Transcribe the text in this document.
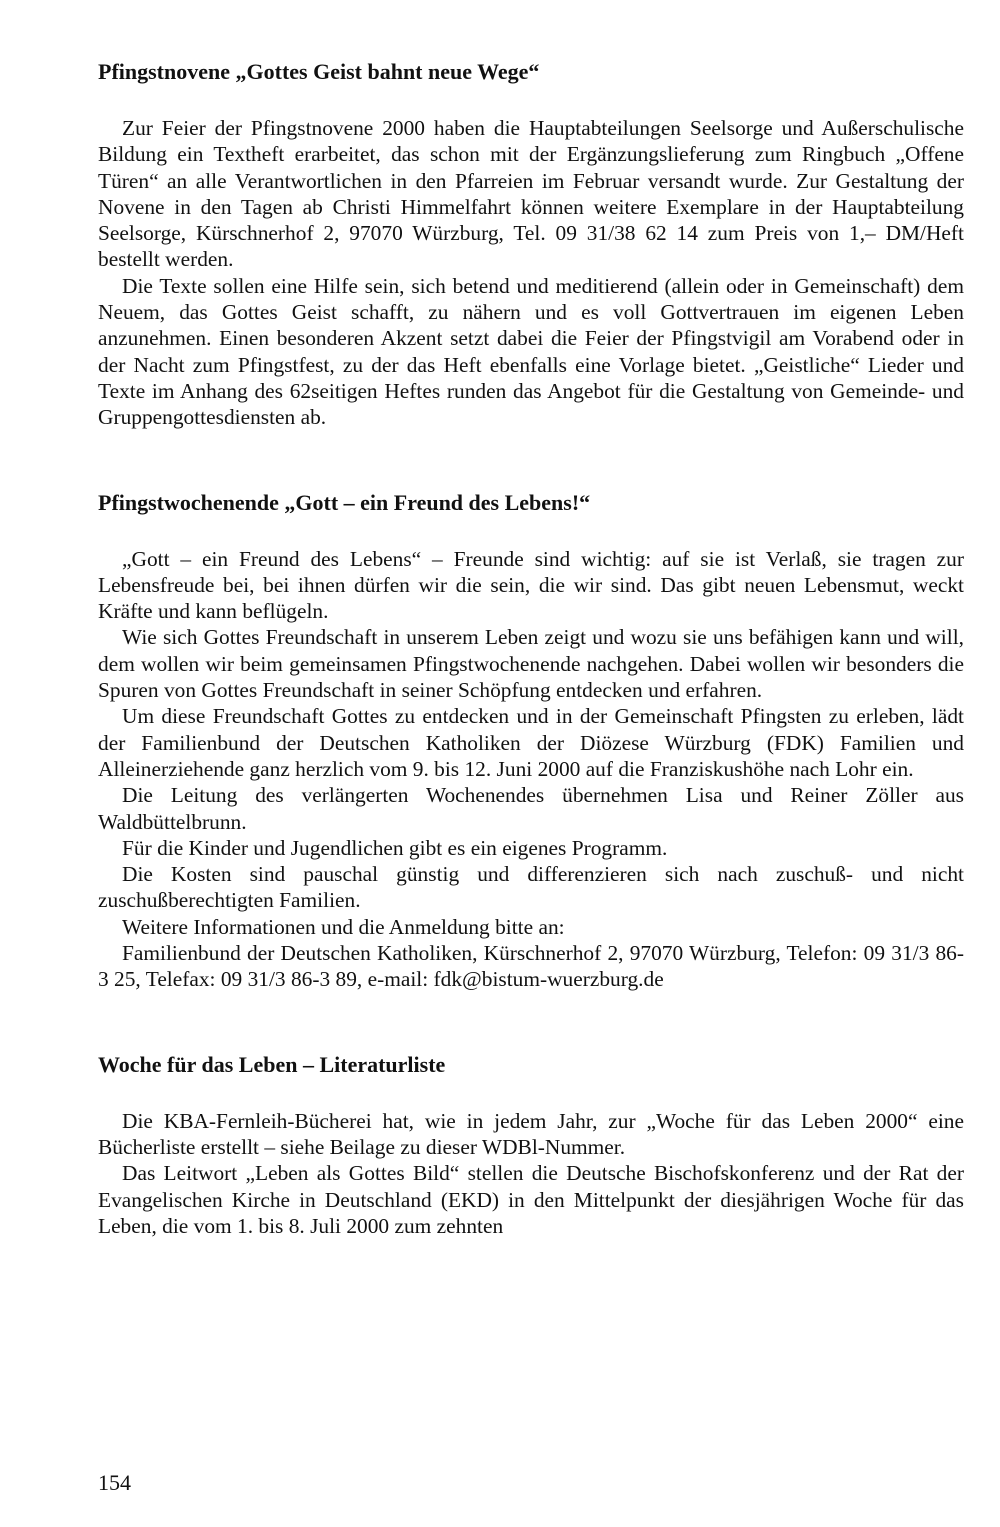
Pfingstnovene „Gottes Geist bahnt neue Wege“

Zur Feier der Pfingstnovene 2000 haben die Hauptabteilungen Seelsorge und Außerschulische Bildung ein Textheft erarbeitet, das schon mit der Ergänzungslieferung zum Ringbuch „Offene Türen“ an alle Verantwortlichen in den Pfarreien im Februar versandt wurde. Zur Gestaltung der Novene in den Tagen ab Christi Himmelfahrt können weitere Exemplare in der Hauptabteilung Seelsorge, Kürschnerhof 2, 97070 Würzburg, Tel. 09 31/38 62 14 zum Preis von 1,– DM/Heft bestellt werden.

Die Texte sollen eine Hilfe sein, sich betend und meditierend (allein oder in Gemeinschaft) dem Neuem, das Gottes Geist schafft, zu nähern und es voll Gottvertrauen im eigenen Leben anzunehmen. Einen besonderen Akzent setzt dabei die Feier der Pfingstvigil am Vorabend oder in der Nacht zum Pfingstfest, zu der das Heft ebenfalls eine Vorlage bietet. „Geistliche“ Lieder und Texte im Anhang des 62seitigen Heftes runden das Angebot für die Gestaltung von Gemeinde- und Gruppengottesdiensten ab.

Pfingstwochenende „Gott – ein Freund des Lebens!“

„Gott – ein Freund des Lebens“ – Freunde sind wichtig: auf sie ist Verlaß, sie tragen zur Lebensfreude bei, bei ihnen dürfen wir die sein, die wir sind. Das gibt neuen Lebensmut, weckt Kräfte und kann beflügeln.

Wie sich Gottes Freundschaft in unserem Leben zeigt und wozu sie uns befähigen kann und will, dem wollen wir beim gemeinsamen Pfingstwochenende nachgehen. Dabei wollen wir besonders die Spuren von Gottes Freundschaft in seiner Schöpfung entdecken und erfahren.

Um diese Freundschaft Gottes zu entdecken und in der Gemeinschaft Pfingsten zu erleben, lädt der Familienbund der Deutschen Katholiken der Diözese Würzburg (FDK) Familien und Alleinerziehende ganz herzlich vom 9. bis 12. Juni 2000 auf die Franziskushöhe nach Lohr ein.

Die Leitung des verlängerten Wochenendes übernehmen Lisa und Reiner Zöller aus Waldbüttelbrunn.

Für die Kinder und Jugendlichen gibt es ein eigenes Programm.

Die Kosten sind pauschal günstig und differenzieren sich nach zuschuß- und nicht zuschußberechtigten Familien.

Weitere Informationen und die Anmeldung bitte an:

Familienbund der Deutschen Katholiken, Kürschnerhof 2, 97070 Würzburg, Telefon: 09 31/3 86-3 25, Telefax: 09 31/3 86-3 89, e-mail: fdk@bistum-wuerzburg.de

Woche für das Leben – Literaturliste

Die KBA-Fernleih-Bücherei hat, wie in jedem Jahr, zur „Woche für das Leben 2000“ eine Bücherliste erstellt – siehe Beilage zu dieser WDBl-Nummer.

Das Leitwort „Leben als Gottes Bild“ stellen die Deutsche Bischofskonferenz und der Rat der Evangelischen Kirche in Deutschland (EKD) in den Mittelpunkt der diesjährigen Woche für das Leben, die vom 1. bis 8. Juli 2000 zum zehnten

154
